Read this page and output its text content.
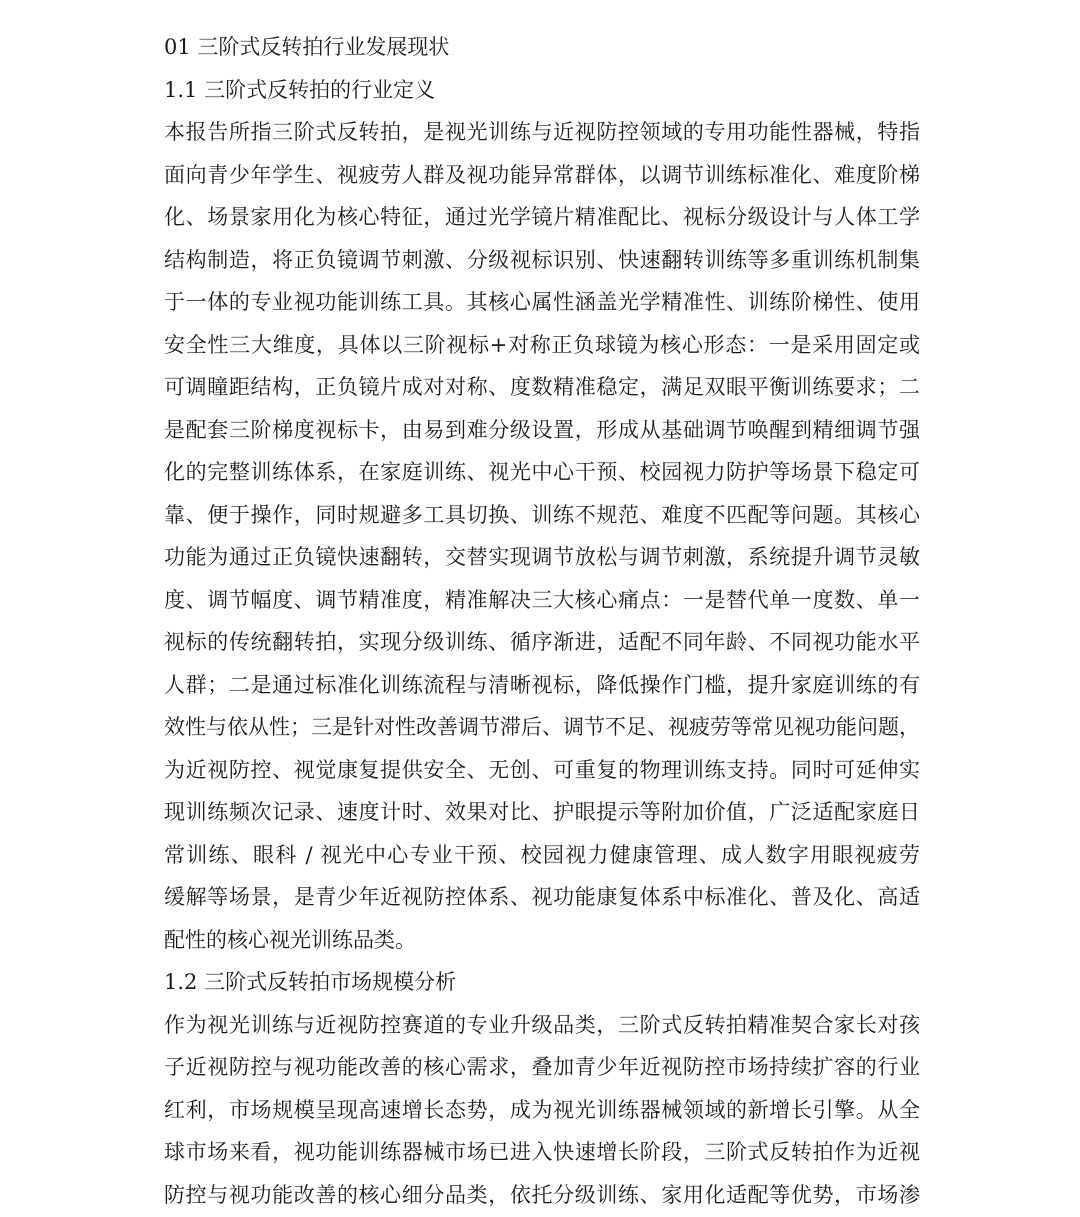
01 三阶式反转拍行业发展现状
1.1 三阶式反转拍的行业定义
本报告所指三阶式反转拍，是视光训练与近视防控领域的专用功能性器械，特指
面向青少年学生、视疲劳人群及视功能异常群体，以调节训练标准化、难度阶梯
化、场景家用化为核心特征，通过光学镜片精准配比、视标分级设计与人体工学
结构制造，将正负镜调节刺激、分级视标识别、快速翻转训练等多重训练机制集
于一体的专业视功能训练工具。其核心属性涵盖光学精准性、训练阶梯性、使用
安全性三大维度，具体以三阶视标+对称正负球镜为核心形态：一是采用固定或
可调瞳距结构，正负镜片成对对称、度数精准稳定，满足双眼平衡训练要求；二
是配套三阶梯度视标卡，由易到难分级设置，形成从基础调节唤醒到精细调节强
化的完整训练体系，在家庭训练、视光中心干预、校园视力防护等场景下稳定可
靠、便于操作，同时规避多工具切换、训练不规范、难度不匹配等问题。其核心
功能为通过正负镜快速翻转，交替实现调节放松与调节刺激，系统提升调节灵敏
度、调节幅度、调节精准度，精准解决三大核心痛点：一是替代单一度数、单一
视标的传统翻转拍，实现分级训练、循序渐进，适配不同年龄、不同视功能水平
人群；二是通过标准化训练流程与清晰视标，降低操作门槛，提升家庭训练的有
效性与依从性；三是针对性改善调节滞后、调节不足、视疲劳等常见视功能问题，
为近视防控、视觉康复提供安全、无创、可重复的物理训练支持。同时可延伸实
现训练频次记录、速度计时、效果对比、护眼提示等附加价值，广泛适配家庭日
常训练、眼科 / 视光中心专业干预、校园视力健康管理、成人数字用眼视疲劳
缓解等场景，是青少年近视防控体系、视功能康复体系中标准化、普及化、高适
配性的核心视光训练品类。
1.2 三阶式反转拍市场规模分析
作为视光训练与近视防控赛道的专业升级品类，三阶式反转拍精准契合家长对孩
子近视防控与视功能改善的核心需求，叠加青少年近视防控市场持续扩容的行业
红利，市场规模呈现高速增长态势，成为视光训练器械领域的新增长引擎。从全
球市场来看，视功能训练器械市场已进入快速增长阶段，三阶式反转拍作为近视
防控与视功能改善的核心细分品类，依托分级训练、家用化适配等优势，市场渗
